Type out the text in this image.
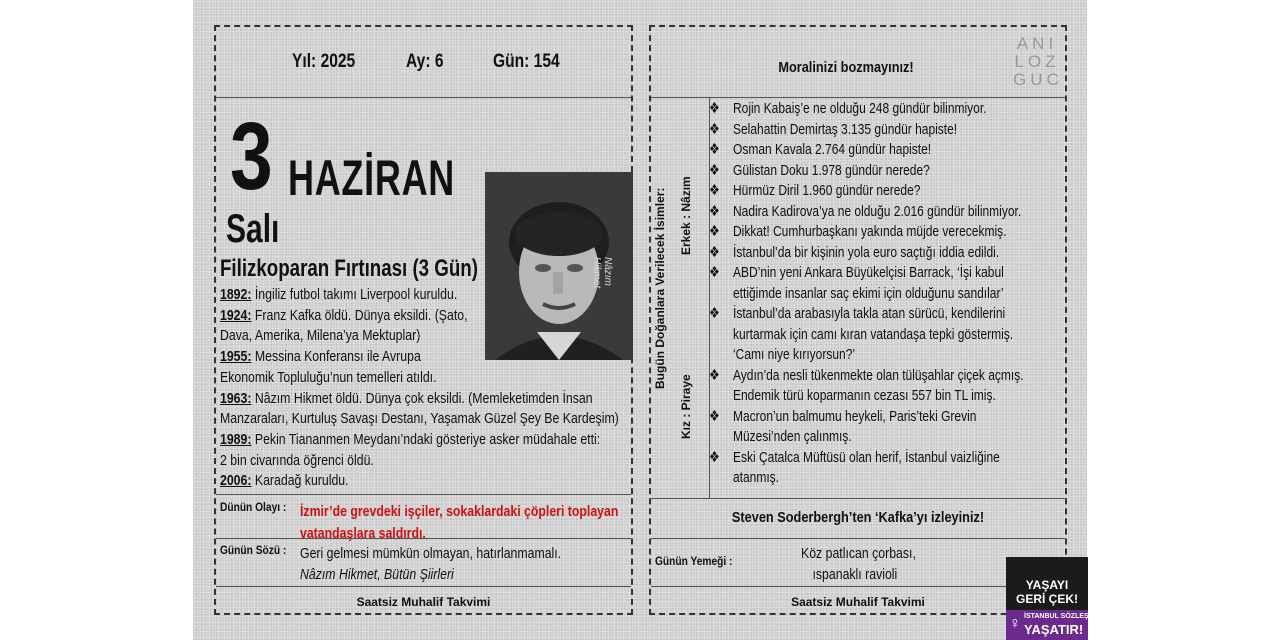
Yıl: 2025	Ay: 6	Gün: 154
3 HAZİRAN
Salı
Nâzım Hikmet
Filizkoparan Fırtınası (3 Gün)

1892: İngiliz futbol takımı Liverpool kuruldu.

1924: Franz Kafka öldü. Dünya eksildi. (Şato,

Dava, Amerika, Milena’ya Mektuplar)

1955: Messina Konferansı ile Avrupa

Ekonomik Topluluğu’nun temelleri atıldı.

1963: Nâzım Hikmet öldü. Dünya çok eksildi. (Memleketimden İnsan

Manzaraları, Kurtuluş Savaşı Destanı, Yaşamak Güzel Şey Be Kardeşim)

1989: Pekin Tiananmen Meydanı’ndaki gösteriye asker müdahale etti:

2 bin civarında öğrenci öldü.

2006: Karadağ kuruldu.

Dünün Olayı : İzmir’de grevdeki işçiler, sokaklardaki çöpleri toplayan
vatandaşlara saldırdı.
Günün Sözü : Geri gelmesi mümkün olmayan, hatırlanmamalı.
Nâzım Hikmet, Bütün Şiirleri
Saatsiz Muhalif Takvimi
ANI
LOZ
GUC
Moralinizi bozmayınız!
Bugün Doğanlara Verilecek İsimler: Erkek : Nâzım
Kız : Piraye
❖ Rojin Kabaiş’e ne olduğu 248 gündür bilinmiyor.
❖ Selahattin Demirtaş 3.135 gündür hapiste!
❖ Osman Kavala 2.764 gündür hapiste!
❖ Gülistan Doku 1.978 gündür nerede?
❖ Hürmüz Diril 1.960 gündür nerede?
❖ Nadira Kadirova’ya ne olduğu 2.016 gündür bilinmiyor.
❖ Dikkat! Cumhurbaşkanı yakında müjde verecekmiş.
❖ İstanbul’da bir kişinin yola euro saçtığı iddia edildi.
❖ ABD’nin yeni Ankara Büyükelçisi Barrack, ‘İşi kabul
ettiğimde insanlar saç ekimi için olduğunu sandılar’
❖ İstanbul’da arabasıyla takla atan sürücü, kendilerini
kurtarmak için camı kıran vatandaşa tepki göstermiş.
‘Camı niye kırıyorsun?’
❖ Aydın’da nesli tükenmekte olan tülüşahlar çiçek açmış.
Endemik türü koparmanın cezası 557 bin TL imiş.
❖ Macron’un balmumu heykeli, Paris’teki Grevin
Müzesi’nden çalınmış.
❖ Eski Çatalca Müftüsü olan herif, İstanbul vaizliğine
atanmış.
Steven Soderbergh’ten ‘Kafka’yı izleyiniz!
Günün Yemeği :	Köz patlıcan çorbası,
ıspanaklı ravioli
Saatsiz Muhalif Takvimi
YAŞAYI
GERİ ÇEK!
♀ İSTANBUL SÖZLEŞMESİ
YAŞATIR!
